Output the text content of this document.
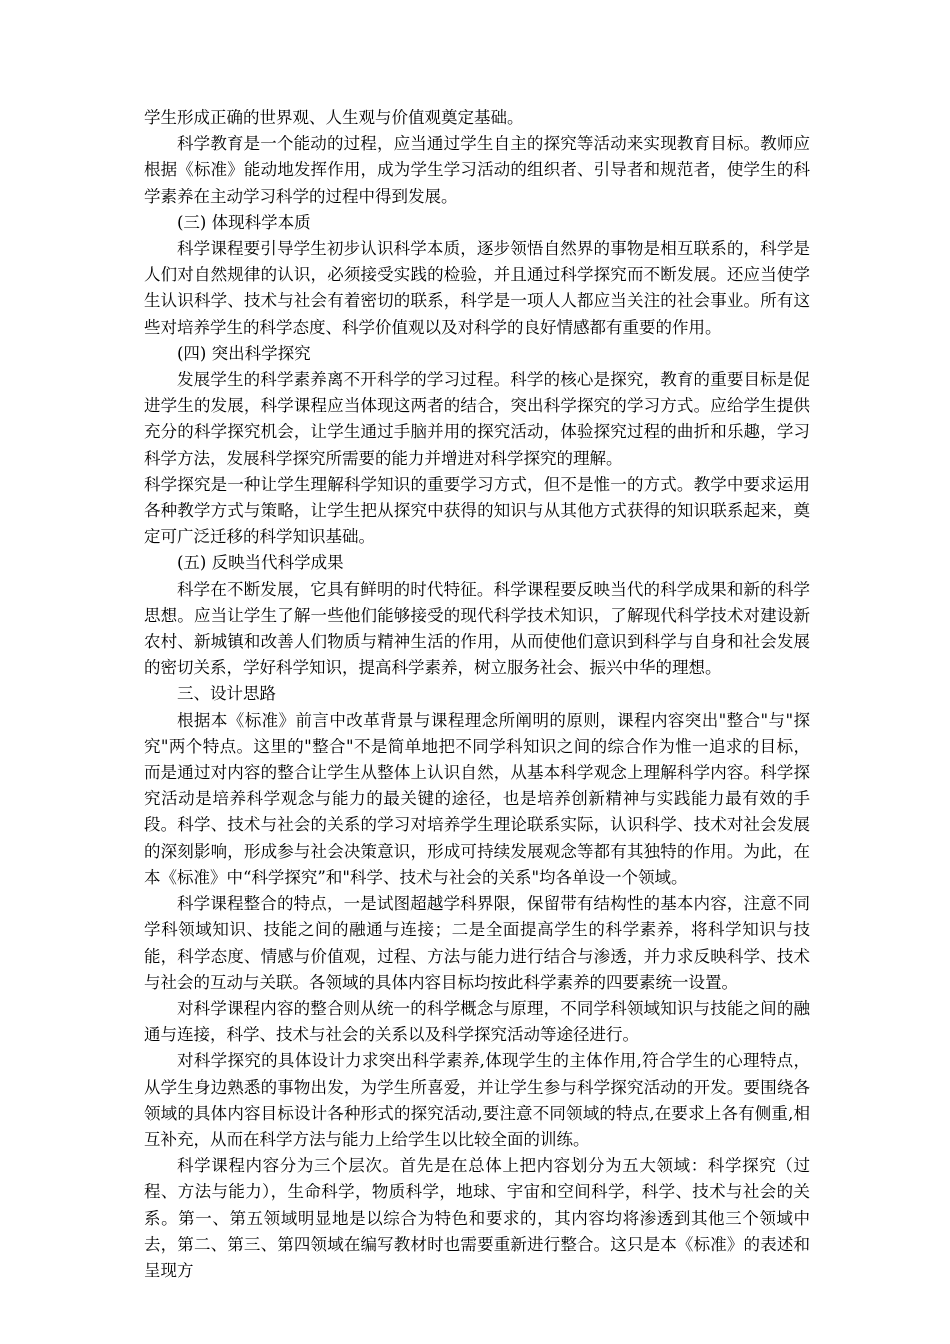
学生形成正确的世界观、人生观与价值观奠定基础。

科学教育是一个能动的过程，应当通过学生自主的探究等活动来实现教育目标。教师应根据《标准》能动地发挥作用，成为学生学习活动的组织者、引导者和规范者，使学生的科学素养在主动学习科学的过程中得到发展。

(三) 体现科学本质

科学课程要引导学生初步认识科学本质，逐步领悟自然界的事物是相互联系的，科学是人们对自然规律的认识，必须接受实践的检验，并且通过科学探究而不断发展。还应当使学生认识科学、技术与社会有着密切的联系，科学是一项人人都应当关注的社会事业。所有这些对培养学生的科学态度、科学价值观以及对科学的良好情感都有重要的作用。

(四) 突出科学探究

发展学生的科学素养离不开科学的学习过程。科学的核心是探究，教育的重要目标是促进学生的发展，科学课程应当体现这两者的结合，突出科学探究的学习方式。应给学生提供充分的科学探究机会，让学生通过手脑并用的探究活动，体验探究过程的曲折和乐趣，学习科学方法，发展科学探究所需要的能力并增进对科学探究的理解。

科学探究是一种让学生理解科学知识的重要学习方式，但不是惟一的方式。教学中要求运用各种教学方式与策略，让学生把从探究中获得的知识与从其他方式获得的知识联系起来，奠定可广泛迁移的科学知识基础。

(五) 反映当代科学成果

科学在不断发展，它具有鲜明的时代特征。科学课程要反映当代的科学成果和新的科学思想。应当让学生了解一些他们能够接受的现代科学技术知识，了解现代科学技术对建设新农村、新城镇和改善人们物质与精神生活的作用，从而使他们意识到科学与自身和社会发展的密切关系，学好科学知识，提高科学素养，树立服务社会、振兴中华的理想。

三、设计思路

根据本《标准》前言中改革背景与课程理念所阐明的原则，课程内容突出"整合"与"探究"两个特点。这里的"整合"不是简单地把不同学科知识之间的综合作为惟一追求的目标，而是通过对内容的整合让学生从整体上认识自然，从基本科学观念上理解科学内容。科学探究活动是培养科学观念与能力的最关键的途径，也是培养创新精神与实践能力最有效的手段。科学、技术与社会的关系的学习对培养学生理论联系实际，认识科学、技术对社会发展的深刻影响，形成参与社会决策意识，形成可持续发展观念等都有其独特的作用。为此，在本《标准》中“科学探究”和"科学、技术与社会的关系"均各单设一个领域。

科学课程整合的特点，一是试图超越学科界限，保留带有结构性的基本内容，注意不同学科领域知识、技能之间的融通与连接；二是全面提高学生的科学素养，将科学知识与技能，科学态度、情感与价值观，过程、方法与能力进行结合与渗透，并力求反映科学、技术与社会的互动与关联。各领域的具体内容目标均按此科学素养的四要素统一设置。

对科学课程内容的整合则从统一的科学概念与原理，不同学科领域知识与技能之间的融通与连接，科学、技术与社会的关系以及科学探究活动等途径进行。

对科学探究的具体设计力求突出科学素养,体现学生的主体作用,符合学生的心理特点，从学生身边熟悉的事物出发，为学生所喜爱，并让学生参与科学探究活动的开发。要围绕各领域的具体内容目标设计各种形式的探究活动,要注意不同领域的特点,在要求上各有侧重,相互补充，从而在科学方法与能力上给学生以比较全面的训练。

科学课程内容分为三个层次。首先是在总体上把内容划分为五大领域：科学探究（过程、方法与能力），生命科学，物质科学，地球、宇宙和空间科学，科学、技术与社会的关系。第一、第五领域明显地是以综合为特色和要求的，其内容均将渗透到其他三个领域中去，第二、第三、第四领域在编写教材时也需要重新进行整合。这只是本《标准》的表述和呈现方
